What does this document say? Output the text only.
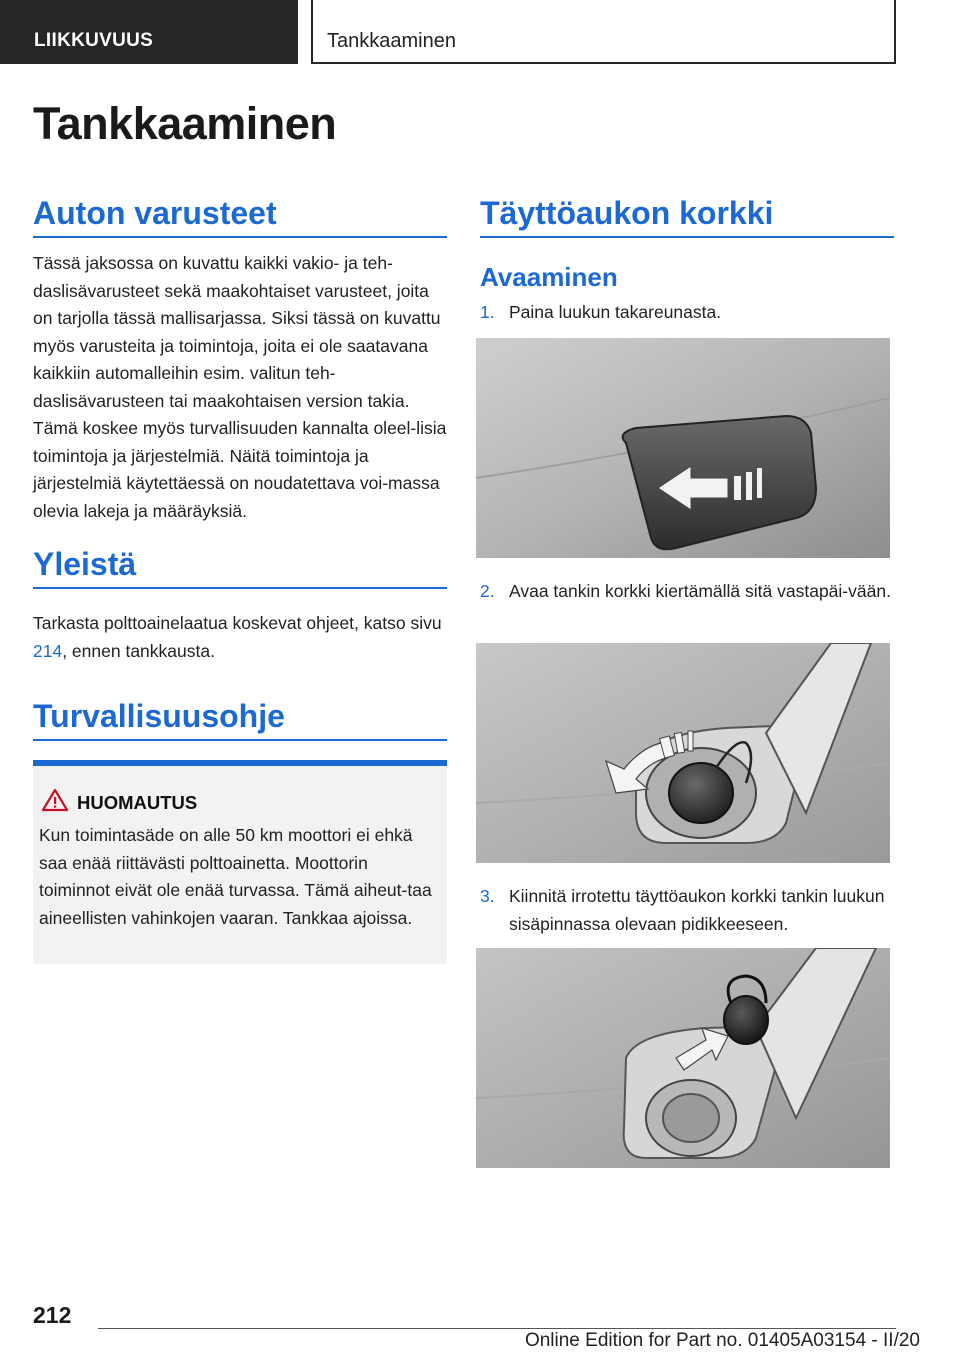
LIIKKUVUUS	Tankkaaminen
Tankkaaminen
Auton varusteet

Tässä jaksossa on kuvattu kaikki vakio- ja teh-daslisävarusteet sekä maakohtaiset varusteet, joita on tarjolla tässä mallisarjassa. Siksi tässä on kuvattu myös varusteita ja toimintoja, joita ei ole saatavana kaikkiin automalleihin esim. valitun teh-daslisävarusteen tai maakohtaisen version takia. Tämä koskee myös turvallisuuden kannalta oleel-lisia toimintoja ja järjestelmiä. Näitä toimintoja ja järjestelmiä käytettäessä on noudatettava voi-massa olevia lakeja ja määräyksiä.

Yleistä

Tarkasta polttoainelaatua koskevat ohjeet, katso sivu 214, ennen tankkausta.

Turvallisuusohje
HUOMAUTUS

Kun toimintasäde on alle 50 km moottori ei ehkä saa enää riittävästi polttoainetta. Moottorin toiminnot eivät ole enää turvassa. Tämä aiheut-taa aineellisten vahinkojen vaaran. Tankkaa ajoissa.

Täyttöaukon korkki
Avaaminen
1. Paina luukun takareunasta.
2. Avaa tankin korkki kiertämällä sitä vastapäi-vään.
3. Kiinnitä irrotettu täyttöaukon korkki tankin luukun sisäpinnassa olevaan pidikkeeseen.
212
Online Edition for Part no. 01405A03154 - II/20
